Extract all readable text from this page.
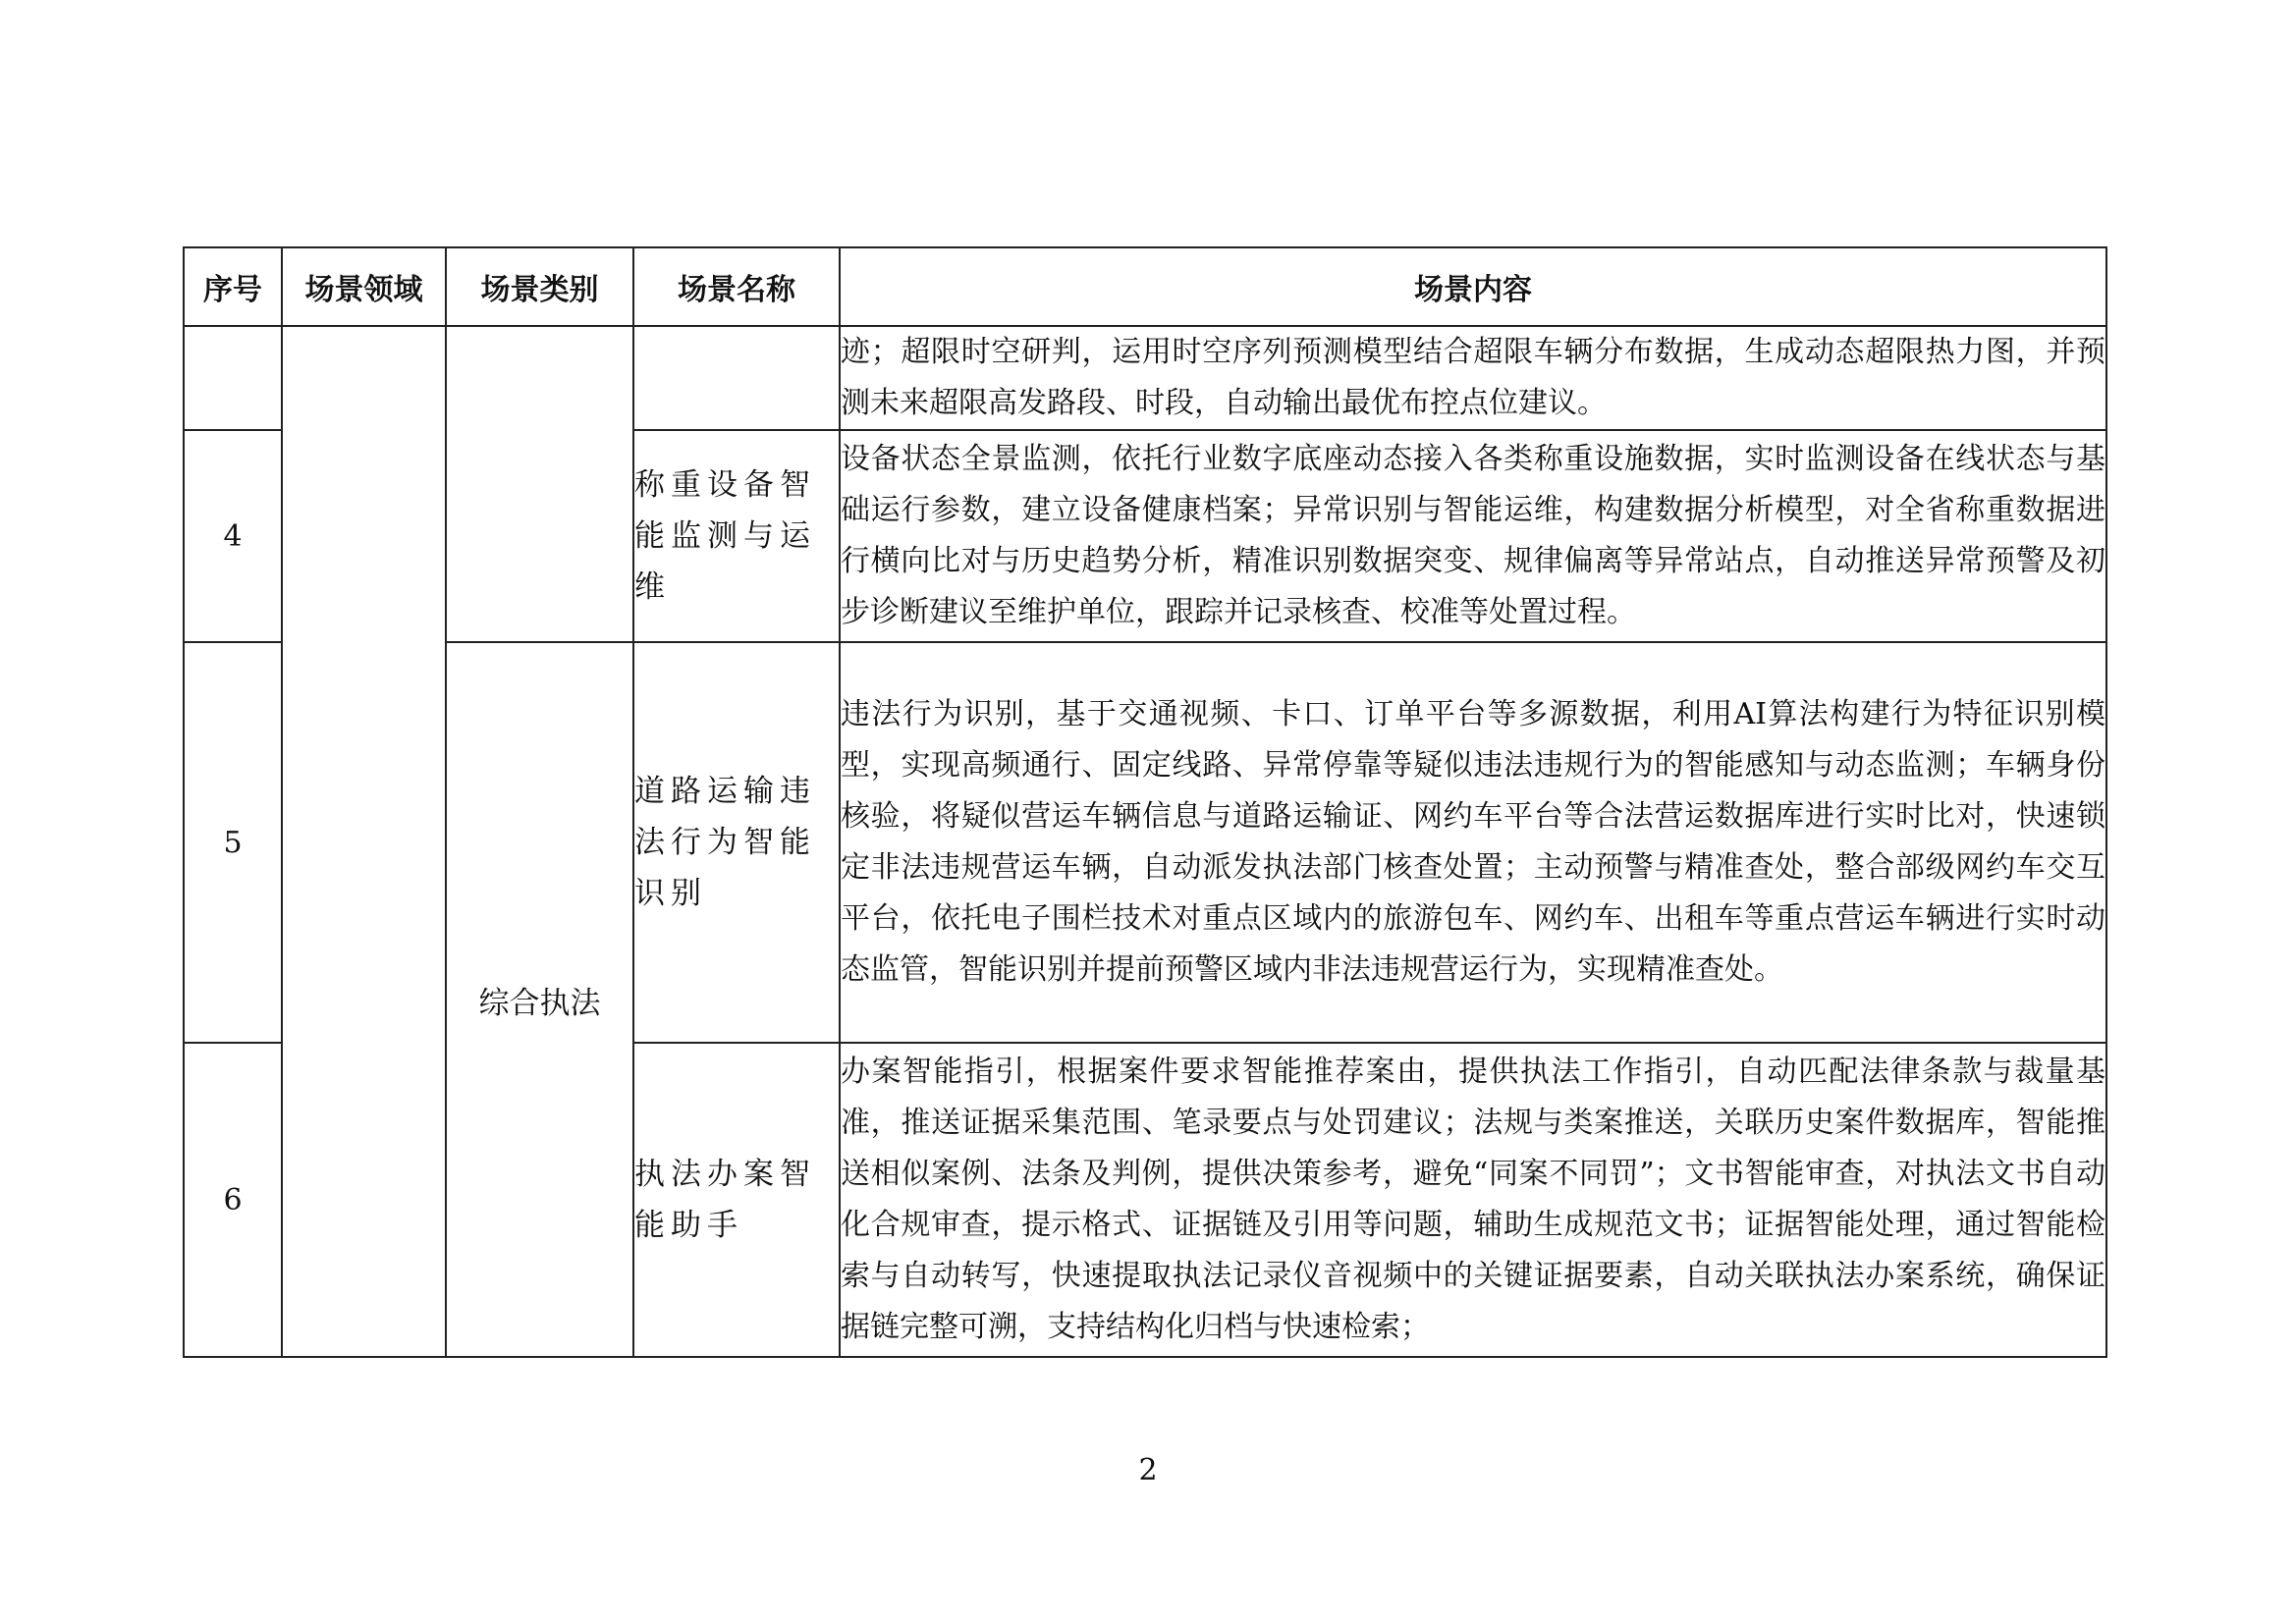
序号	场景领域	场景类别	场景名称	场景内容
				迹；超限时空研判，运用时空序列预测模型结合超限车辆分布数据，生成动态超限热力图，并预测未来超限高发路段、时段，自动输出最优布控点位建议。
4			称重设备智能监测与运维	设备状态全景监测，依托行业数字底座动态接入各类称重设施数据，实时监测设备在线状态与基础运行参数，建立设备健康档案；异常识别与智能运维，构建数据分析模型，对全省称重数据进行横向比对与历史趋势分析，精准识别数据突变、规律偏离等异常站点，自动推送异常预警及初步诊断建议至维护单位，跟踪并记录核查、校准等处置过程。
5		综合执法	道路运输违法行为智能识别	违法行为识别，基于交通视频、卡口、订单平台等多源数据，利用AI算法构建行为特征识别模型，实现高频通行、固定线路、异常停靠等疑似违法违规行为的智能感知与动态监测；车辆身份核验，将疑似营运车辆信息与道路运输证、网约车平台等合法营运数据库进行实时比对，快速锁定非法违规营运车辆，自动派发执法部门核查处置；主动预警与精准查处，整合部级网约车交互平台，依托电子围栏技术对重点区域内的旅游包车、网约车、出租车等重点营运车辆进行实时动态监管，智能识别并提前预警区域内非法违规营运行为，实现精准查处。
6			执法办案智能助手	办案智能指引，根据案件要求智能推荐案由，提供执法工作指引，自动匹配法律条款与裁量基准，推送证据采集范围、笔录要点与处罚建议；法规与类案推送，关联历史案件数据库，智能推送相似案例、法条及判例，提供决策参考，避免“同案不同罚”；文书智能审查，对执法文书自动化合规审查，提示格式、证据链及引用等问题，辅助生成规范文书；证据智能处理，通过智能检索与自动转写，快速提取执法记录仪音视频中的关键证据要素，自动关联执法办案系统，确保证据链完整可溯，支持结构化归档与快速检索；
2
